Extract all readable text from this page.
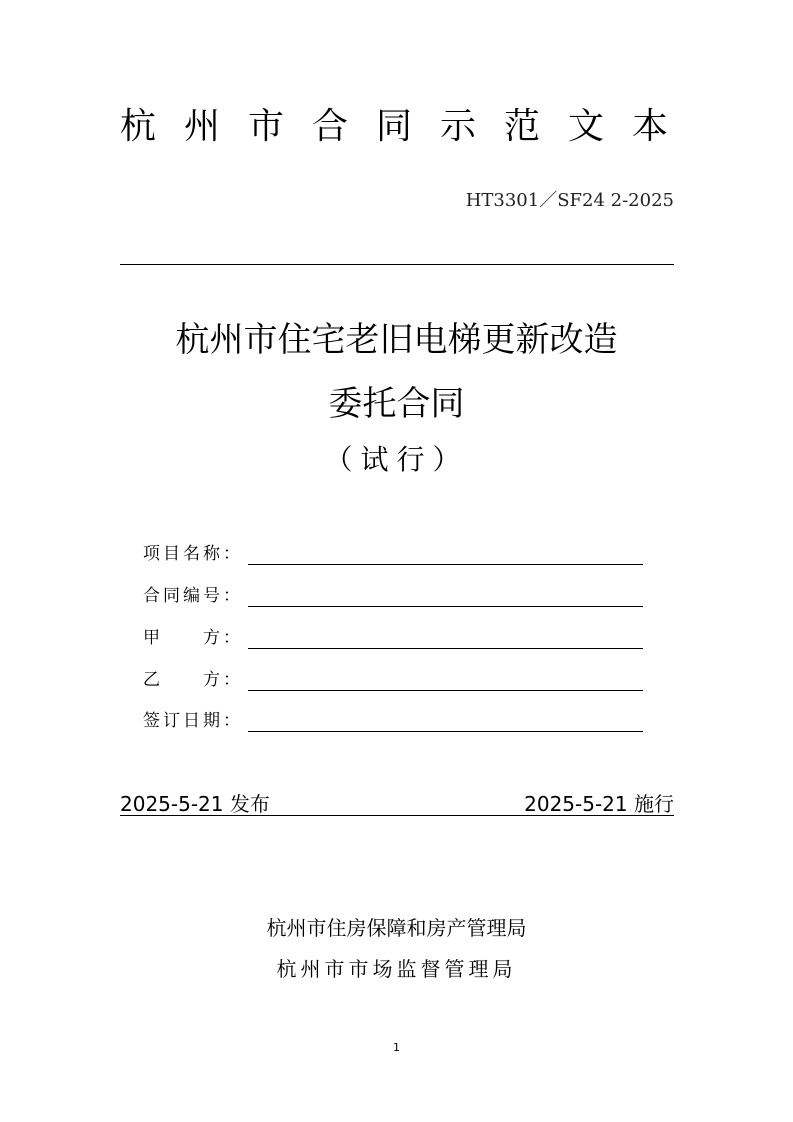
杭州市合同示范文本
HT3301／SF24 2-2025
杭州市住宅老旧电梯更新改造
委托合同
（试行）
项目名称：
合同编号：
甲　　方：
乙　　方：
签订日期：
2025-5-21 发布	2025-5-21 施行
杭州市住房保障和房产管理局
杭州市市场监督管理局
1
